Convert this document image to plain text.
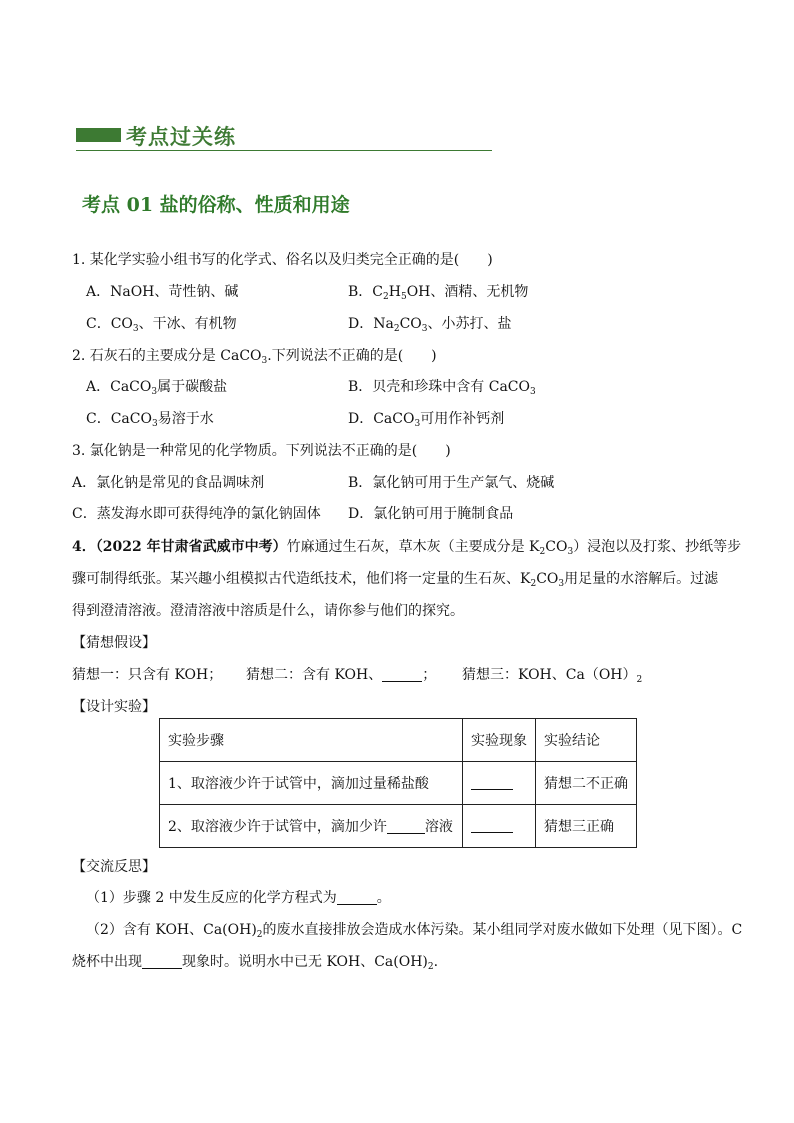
考点过关练
考点 01 盐的俗称、性质和用途
1. 某化学实验小组书写的化学式、俗名以及归类完全正确的是(　　)
A．NaOH、苛性钠、碱	B．$C_2H_5OH$、酒精、无机物
C．$CO_3$、干冰、有机物	D．$Na_2CO_3$、小苏打、盐
2. 石灰石的主要成分是 CaCO$_3$.下列说法不正确的是(　　)
A．CaCO$_3$属于碳酸盐	B．贝壳和珍珠中含有 CaCO$_3$
C．CaCO$_3$易溶于水	D．CaCO$_3$可用作补钙剂
3. 氯化钠是一种常见的化学物质。下列说法不正确的是(　　)
A．氯化钠是常见的食品调味剂	B．氯化钠可用于生产氯气、烧碱
C．蒸发海水即可获得纯净的氯化钠固体 D．氯化钠可用于腌制食品
4．（2022 年甘肃省武威市中考）竹麻通过生石灰，草木灰（主要成分是 $K_2CO_3$）浸泡以及打浆、抄纸等步
骤可制得纸张。某兴趣小组模拟古代造纸技术，他们将一定量的生石灰、$K_2CO_3$用足量的水溶解后。过滤
得到澄清溶液。澄清溶液中溶质是什么，请你参与他们的探究。
【猜想假设】
猜想一：只含有 KOH； 猜想二：含有 KOH、	； 猜想三：KOH、$Ca(OH)_2$
【设计实验】
实验步骤	实验现象	实验结论
1、取溶液少许于试管中，滴加过量稀盐酸		猜想二不正确
2、取溶液少许于试管中，滴加少许 溶液		猜想三正确
【交流反思】
（1）步骤 2 中发生反应的化学方程式为	。
（2）含有 KOH、$Ca(OH)_2$的废水直接排放会造成水体污染。某小组同学对废水做如下处理（见下图）。C
烧杯中出现	现象时。说明水中已无 KOH、$Ca(OH)_2$.
